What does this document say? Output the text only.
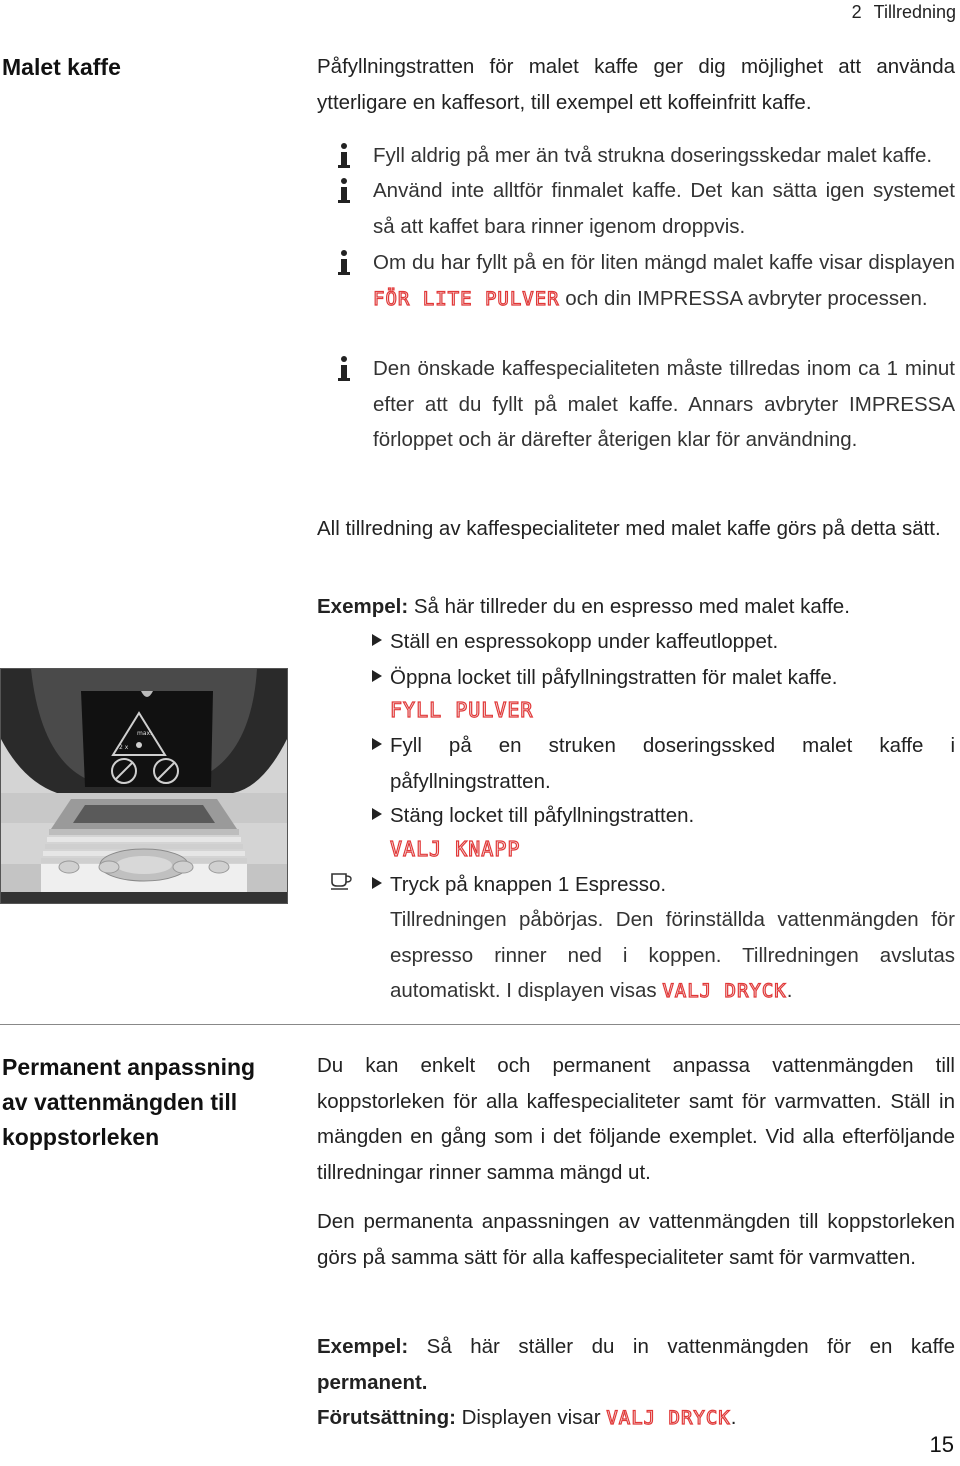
2 Tillredning
Malet kaffe	Påfyllningstratten för malet kaffe ger dig möjlighet att använda ytterligare en kaffesort, till exempel ett koffeinfritt kaffe.
Fyll aldrig på mer än två strukna doseringsskedar malet kaffe.
Använd inte alltför finmalet kaffe. Det kan sätta igen systemet så att kaffet bara rinner igenom droppvis.
Om du har fyllt på en för liten mängd malet kaffe visar displayen FÖR LITE PULVER och din IMPRESSA avbryter processen.
Den önskade kaffespecialiteten måste tillredas inom ca 1 minut efter att du fyllt på malet kaffe. Annars avbryter IMPRESSA förloppet och är därefter återigen klar för användning.
All tillredning av kaffespecialiteter med malet kaffe görs på detta sätt.
Exempel: Så här tillreder du en espresso med malet kaffe.
Ställ en espressokopp under kaffeutloppet.
Öppna locket till påfyllningstratten för malet kaffe.
FYLL PULVER
Fyll på en struken doseringssked malet kaffe i påfyllningstratten.
Stäng locket till påfyllningstratten.
VALJ KNAPP
Tryck på knappen 1 Espresso.
Tillredningen påbörjas. Den förinställda vattenmängden för espresso rinner ned i koppen. Tillredningen avslutas automatiskt. I displayen visas VALJ DRYCK.
max.
2 x
Permanent anpassning av vattenmängden till koppstorleken
Du kan enkelt och permanent anpassa vattenmängden till koppstorleken för alla kaffespecialiteter samt för varmvatten. Ställ in mängden en gång som i det följande exemplet. Vid alla efterföljande tillredningar rinner samma mängd ut.
Den permanenta anpassningen av vattenmängden till koppstorleken görs på samma sätt för alla kaffespecialiteter samt för varmvatten.
Exempel: Så här ställer du in vattenmängden för en kaffe permanent.
Förutsättning: Displayen visar VALJ DRYCK.
15
